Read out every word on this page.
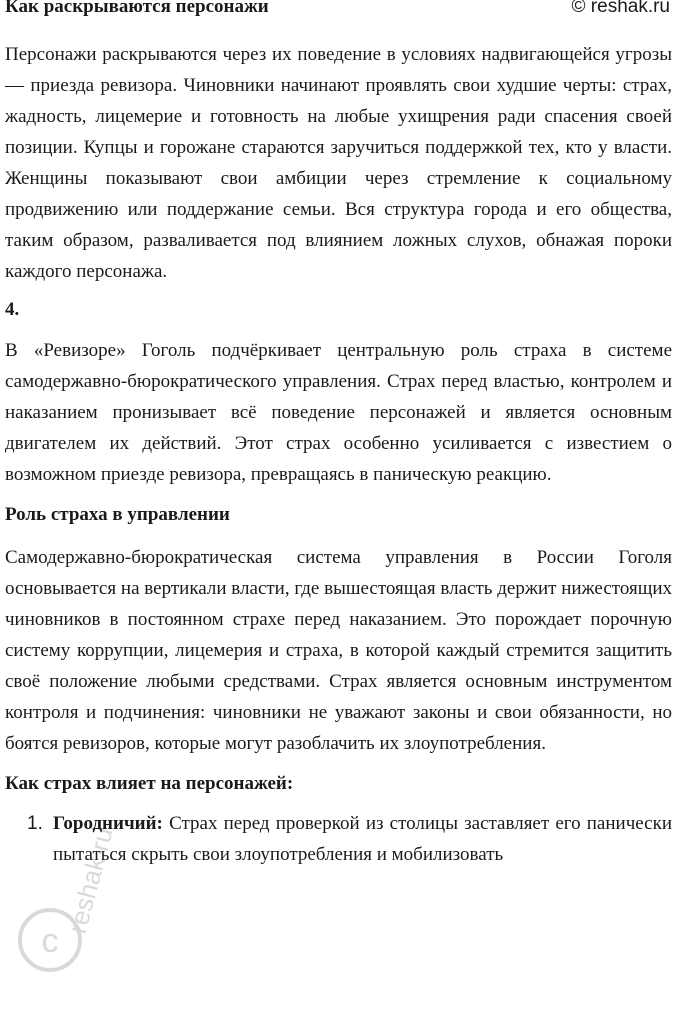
Как раскрываются персонажи	© reshak.ru

Персонажи раскрываются через их поведение в условиях надвигающейся угрозы — приезда ревизора. Чиновники начинают проявлять свои худшие черты: страх, жадность, лицемерие и готовность на любые ухищрения ради спасения своей позиции. Купцы и горожане стараются заручиться поддержкой тех, кто у власти. Женщины показывают свои амбиции через стремление к социальному продвижению или поддержание семьи. Вся структура города и его общества, таким образом, разваливается под влиянием ложных слухов, обнажая пороки каждого персонажа.

4.

В «Ревизоре» Гоголь подчёркивает центральную роль страха в системе самодержавно-бюрократического управления. Страх перед властью, контролем и наказанием пронизывает всё поведение персонажей и является основным двигателем их действий. Этот страх особенно усиливается с известием о возможном приезде ревизора, превращаясь в паническую реакцию.

Роль страха в управлении

Самодержавно-бюрократическая система управления в России Гоголя основывается на вертикали власти, где вышестоящая власть держит нижестоящих чиновников в постоянном страхе перед наказанием. Это порождает порочную систему коррупции, лицемерия и страха, в которой каждый стремится защитить своё положение любыми средствами. Страх является основным инструментом контроля и подчинения: чиновники не уважают законы и свои обязанности, но боятся ревизоров, которые могут разоблачить их злоупотребления.

Как страх влияет на персонажей:
1. Городничий: Страх перед проверкой из столицы заставляет его панически пытаться скрыть свои злоупотребления и мобилизовать
c
reshak.ru
